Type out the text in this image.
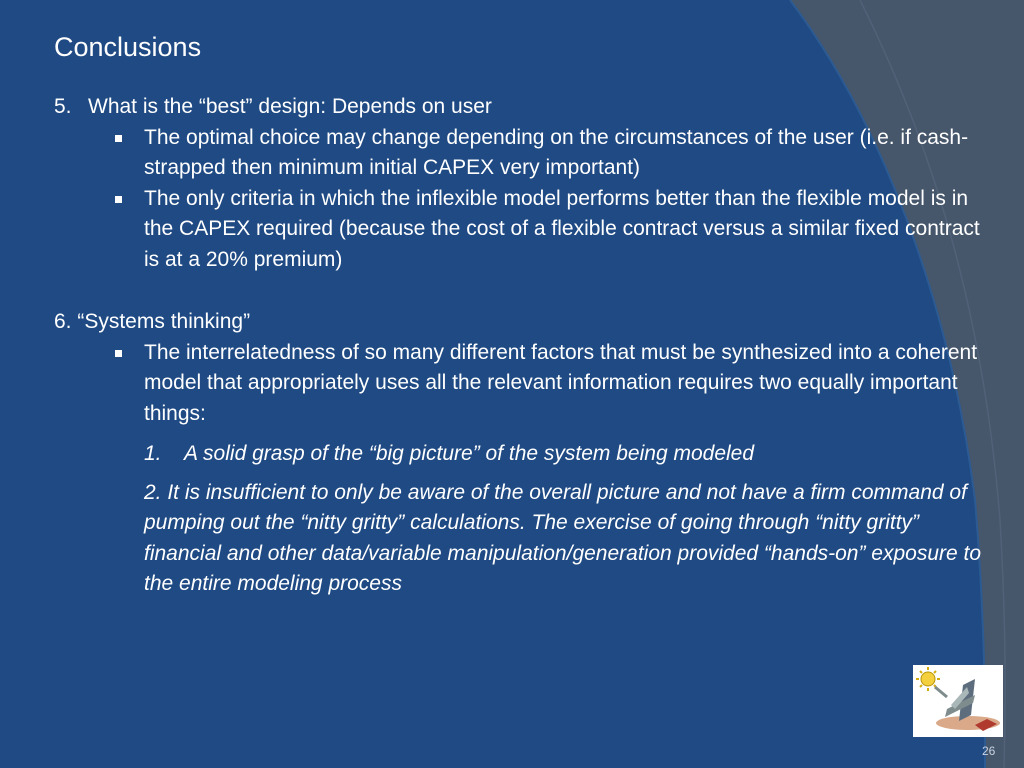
Conclusions
5. What is the “best” design: Depends on user
The optimal choice may change depending on the circumstances of the user (i.e. if cash-strapped then minimum initial CAPEX very important)
The only criteria in which the inflexible model performs better than the flexible model is in the CAPEX required (because the cost of a flexible contract versus a similar fixed contract is at a 20% premium)
6. “Systems thinking”
The interrelatedness of so many different factors that must be synthesized into a coherent model that appropriately uses all the relevant information requires two equally important things:
1. A solid grasp of the “big picture” of the system being modeled
2. It is insufficient to only be aware of the overall picture and not have a firm command of pumping out the “nitty gritty” calculations. The exercise of going through “nitty gritty” financial and other data/variable manipulation/generation provided “hands-on” exposure to the entire modeling process
26
